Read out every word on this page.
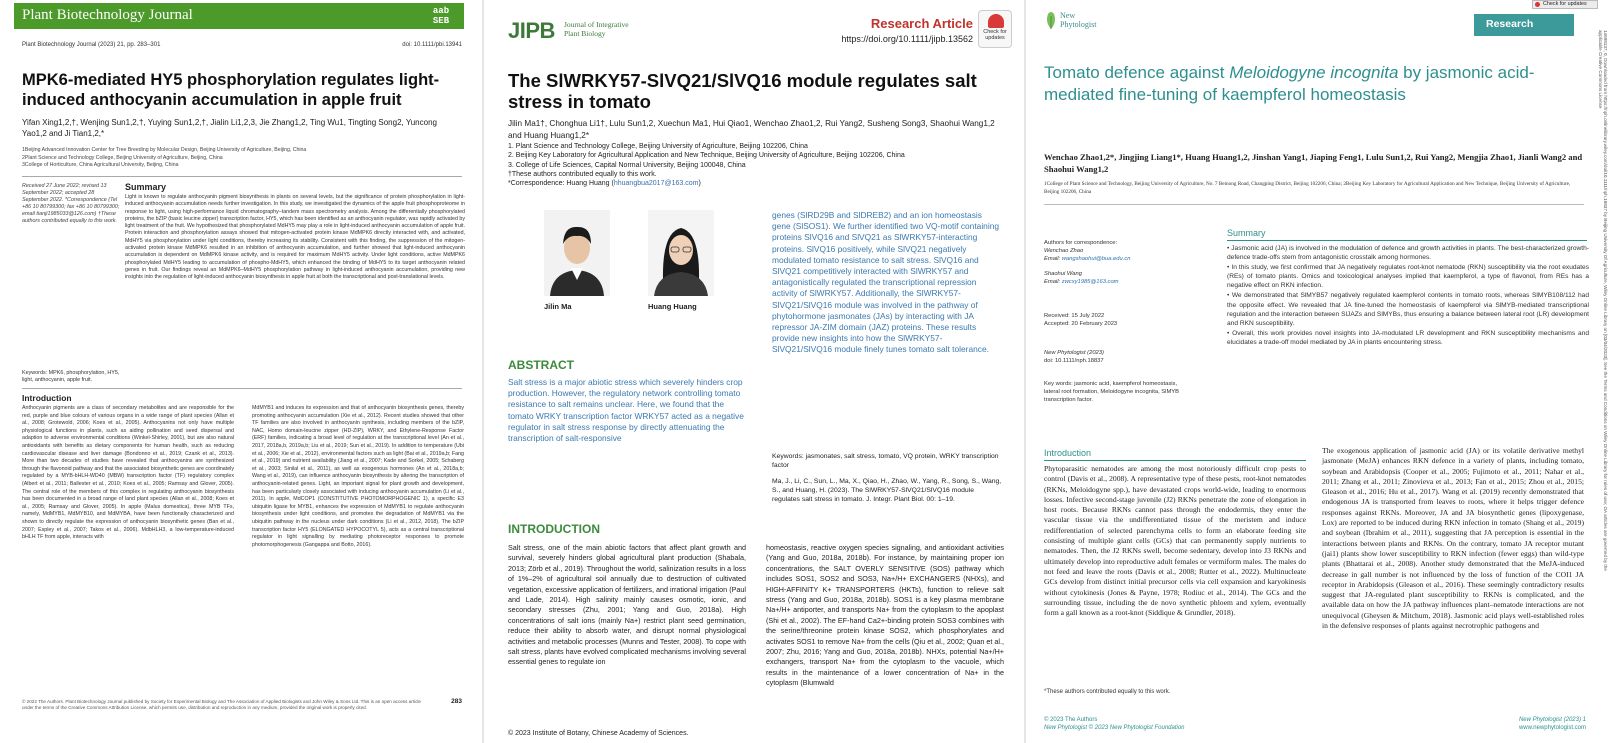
Plant Biotechnology Journal	aab
SEB
Plant Biotechnology Journal (2023) 21, pp. 283–301	doi: 10.1111/pbi.13941
MPK6-mediated HY5 phosphorylation regulates light-induced anthocyanin accumulation in apple fruit
Yifan Xing1,2,†, Wenjing Sun1,2,†, Yuying Sun1,2,†, Jialin Li1,2,3, Jie Zhang1,2, Ting Wu1, Tingting Song2, Yuncong Yao1,2 and Ji Tian1,2,*
1Beijing Advanced Innovation Center for Tree Breeding by Molecular Design, Beijing University of Agriculture, Beijing, China
2Plant Science and Technology College, Beijing University of Agriculture, Beijing, China
3College of Horticulture, China Agricultural University, Beijing, China
Received 27 June 2022; revised 13 September 2022; accepted 28 September 2022. *Correspondence (Tel +86 10 80799300; fax +86 10 80799300; email tianji1985033@126.com) †These authors contributed equally to this work.
Keywords: MPK6, phosphorylation, HY5, light, anthocyanin, apple fruit.
Summary
Light is known to regulate anthocyanin pigment biosynthesis in plants on several levels, but the significance of protein phosphorylation in light-induced anthocyanin accumulation needs further investigation. In this study, we investigated the dynamics of the apple fruit phosphoproteome in response to light, using high-performance liquid chromatography–tandem mass spectrometry analysis. Among the differentially phosphorylated proteins, the bZIP (basic leucine zipper) transcription factor, HY5, which has been identified as an anthocyanin regulator, was rapidly activated by light treatment of the fruit. We hypothesized that phosphorylated MdHY5 may play a role in light-induced anthocyanin accumulation of apple fruit. Protein interaction and phosphorylation assays showed that mitogen-activated protein kinase MdMPK6 directly interacted with, and activated, MdHY5 via phosphorylation under light conditions, thereby increasing its stability. Consistent with this finding, the suppression of the mitogen-activated protein kinase MdMPK6 resulted in an inhibition of anthocyanin accumulation, and further showed that light-induced anthocyanin accumulation is dependent on MdMPK6 kinase activity, and is required for maximum MdHY5 activity. Under light conditions, active MdMPK6 phosphorylated MdHY5 leading to accumulation of phospho-MdHY5, which enhanced the binding of MdHY5 to its target anthocyanin related genes in fruit. Our findings reveal an MdMPK6–MdHY5 phosphorylation pathway in light-induced anthocyanin accumulation, providing new insights into the regulation of light-induced anthocyanin biosynthesis in apple fruit at both the transcriptional and post-translational levels.
Introduction
Anthocyanin pigments are a class of secondary metabolites and are responsible for the red, purple and blue colours of various organs in a wide range of plant species (Allan et al., 2008; Grotewold, 2006; Koes et al., 2005). Anthocyanins not only have multiple physiological functions in plants, such as aiding pollination and seed dispersal and adaption to adverse environmental conditions (Winkel-Shirley, 2001), but are also natural antioxidants with benefits as dietary components for human health, such as reducing cardiovascular disease and liver damage (Bondonno et al., 2019; Czank et al., 2013). More than two decades of studies have revealed that anthocyanins are synthesized through the flavonoid pathway and that the associated biosynthetic genes are coordinately regulated by a MYB-bHLH-WD40 (MBW) transcription factor (TF) regulatory complex (Albert et al., 2011; Ballester et al., 2010; Koes et al., 2005; Ramsay and Glover, 2005). The central role of the members of this complex in regulating anthocyanin biosynthesis has been documented in a broad range of land plant species (Allan et al., 2008; Koes et al., 2005; Ramsay and Glover, 2005). In apple (Malus domestica), three MYB TFs, namely, MdMYB1, MdMYB10, and MdMYBA, have been functionally characterized and shown to directly regulate the expression of anthocyanin biosynthetic genes (Ban et al., 2007; Espley et al., 2007; Takos et al., 2006). MdbHLH3, a low-temperature-induced bHLH TF from apple, interacts with
MdMYB1 and induces its expression and that of anthocyanin biosynthesis genes, thereby promoting anthocyanin accumulation (Xie et al., 2012). Recent studies showed that other TF families are also involved in anthocyanin synthesis, including members of the bZIP, NAC, Homo domain-leucine zipper (HD-ZIP), WRKY, and Ethylene-Response Factor (ERF) families, indicating a broad level of regulation at the transcriptional level (An et al., 2017, 2018a,b, 2019a,b; Liu et al., 2019; Sun et al., 2019). In addition to temperature (Ubi et al., 2006; Xie et al., 2012), environmental factors such as light (Bai et al., 2019a,b; Fang et al., 2019) and nutrient availability (Jiang et al., 2007; Kade and Sorkel, 2005; Schaberg et al., 2003; Sinilal et al., 2011), as well as exogenous hormones (An et al., 2018a,b; Wang et al., 2019), can influence anthocyanin biosynthesis by altering the transcription of anthocyanin-related genes. Light, an important signal for plant growth and development, has been particularly closely associated with inducing anthocyanin accumulation (Li et al., 2011). In apple, MdCOP1 (CONSTITUTIVE PHOTOMORPHOGENIC 1), a specific E3 ubiquitin ligase for MYB1, enhances the expression of MdMYB1 to regulate anthocyanin biosynthesis under light conditions, and promotes the degradation of MdMYB1 via the ubiquitin pathway in the nucleus under dark conditions (Li et al., 2012, 2018). The bZIP transcription factor HY5 (ELONGATED HYPOCOTYL 5), acts as a central transcriptional regulator in light signalling by mediating photoreceptor responses to promote photomorphogenesis (Gangappa and Botto, 2016).
© 2022 The Authors. Plant Biotechnology Journal published by Society for Experimental Biology and The Association of Applied Biologists and John Wiley & Sons Ltd. This is an open access article under the terms of the Creative Commons Attribution License, which permits use, distribution and reproduction in any medium, provided the original work is properly cited.
283
JIPB Journal of Integrative
Plant Biology
Research Article
https://doi.org/10.1111/jipb.13562
Check for updates
The SlWRKY57-SlVQ21/SlVQ16 module regulates salt stress in tomato
Jilin Ma1†, Chonghua Li1†, Lulu Sun1,2, Xuechun Ma1, Hui Qiao1, Wenchao Zhao1,2, Rui Yang2, Susheng Song3, Shaohui Wang1,2 and Huang Huang1,2*
1. Plant Science and Technology College, Beijing University of Agriculture, Beijing 102206, China
2. Beijing Key Laboratory for Agricultural Application and New Technique, Beijing University of Agriculture, Beijing 102206, China
3. College of Life Sciences, Capital Normal University, Beijing 100048, China
†These authors contributed equally to this work.
*Correspondence: Huang Huang (hhuangbua2017@163.com)
Jilin Ma	Huang Huang
ABSTRACT
Salt stress is a major abiotic stress which severely hinders crop production. However, the regulatory network controlling tomato resistance to salt remains unclear. Here, we found that the tomato WRKY transcription factor WRKY57 acted as a negative regulator in salt stress response by directly attenuating the transcription of salt-responsive
genes (SlRD29B and SlDREB2) and an ion homeostasis gene (SlSOS1). We further identified two VQ-motif containing proteins SlVQ16 and SlVQ21 as SlWRKY57-interacting proteins. SlVQ16 positively, while SlVQ21 negatively modulated tomato resistance to salt stress. SlVQ16 and SlVQ21 competitively interacted with SlWRKY57 and antagonistically regulated the transcriptional repression activity of SlWRKY57. Additionally, the SlWRKY57-SlVQ21/SlVQ16 module was involved in the pathway of phytohormone jasmonates (JAs) by interacting with JA repressor JA-ZIM domain (JAZ) proteins. These results provide new insights into how the SlWRKY57-SlVQ21/SlVQ16 module finely tunes tomato salt tolerance.
Keywords: jasmonates, salt stress, tomato, VQ protein, WRKY transcription factor
Ma, J., Li, C., Sun, L., Ma, X., Qiao, H., Zhao, W., Yang, R., Song, S., Wang, S., and Huang, H. (2023). The SlWRKY57-SlVQ21/SlVQ16 module regulates salt stress in tomato. J. Integr. Plant Biol. 00: 1–19.
INTRODUCTION
Salt stress, one of the main abiotic factors that affect plant growth and survival, severely hinders global agricultural plant production (Shabala, 2013; Zörb et al., 2019). Throughout the world, salinization results in a loss of 1%–2% of agricultural soil annually due to destruction of cultivated vegetation, excessive application of fertilizers, and irrational irrigation (Paul and Lade, 2014). High salinity mainly causes osmotic, ionic, and secondary stresses (Zhu, 2001; Yang and Guo, 2018a). High concentrations of salt ions (mainly Na+) restrict plant seed germination, reduce their ability to absorb water, and disrupt normal physiological activities and metabolic processes (Munns and Tester, 2008). To cope with salt stress, plants have evolved complicated mechanisms involving several essential genes to regulate ion
homeostasis, reactive oxygen species signaling, and antioxidant activities (Yang and Guo, 2018a, 2018b). For instance, by maintaining proper ion concentrations, the SALT OVERLY SENSITIVE (SOS) pathway which includes SOS1, SOS2 and SOS3, Na+/H+ EXCHANGERS (NHXs), and HIGH-AFFINITY K+ TRANSPORTERS (HKTs), function to relieve salt stress (Yang and Guo, 2018a, 2018b). SOS1 is a key plasma membrane Na+/H+ antiporter, and transports Na+ from the cytoplasm to the apoplast (Shi et al., 2002). The EF-hand Ca2+-binding protein SOS3 combines with the serine/threonine protein kinase SOS2, which phosphorylates and activates SOS1 to remove Na+ from the cells (Qiu et al., 2002; Quan et al., 2007; Zhu, 2016; Yang and Guo, 2018a, 2018b). NHXs, potential Na+/H+ exchangers, transport Na+ from the cytoplasm to the vacuole, which results in the maintenance of a lower concentration of Na+ in the cytoplasm (Blumwald
© 2023 Institute of Botany, Chinese Academy of Sciences.
New
Phytologist	Research
Check for updates
14698137, 0, Downloaded from https://nph.onlinelibrary.wiley.com/doi/10.1111/nph.18837 by Beijing University Of Agriculture, Wiley Online Library on [03/04/2023]. See the Terms and Conditions on Wiley Online Library for rules of use; OA articles are governed by the applicable Creative Commons License
Tomato defence against Meloidogyne incognita by jasmonic acid-mediated fine-tuning of kaempferol homeostasis
Wenchao Zhao1,2*, Jingjing Liang1*, Huang Huang1,2, Jinshan Yang1, Jiaping Feng1, Lulu Sun1,2, Rui Yang2, Mengjia Zhao1, Jianli Wang2 and Shaohui Wang1,2
1College of Plant Science and Technology, Beijing University of Agriculture, No. 7 Beinong Road, Changping District, Beijing 102206, China; 2Beijing Key Laboratory for Agricultural Application and New Technique, Beijing University of Agriculture, Beijing 102206, China
Authors for correspondence:
Wenchao Zhao
Email: wangshaohui@bua.edu.cn
Shaohui Wang
Email: zwcxy1985@163.com
Received: 15 July 2022
Accepted: 20 February 2023
New Phytologist (2023)
doi: 10.1111/nph.18837
Key words: jasmonic acid, kaempferol homeostasis, lateral root formation, Meloidogyne incognita, SlMYB transcription factor.
Summary

• Jasmonic acid (JA) is involved in the modulation of defence and growth activities in plants. The best-characterized growth-defence trade-offs stem from antagonistic crosstalk among hormones.

• In this study, we first confirmed that JA negatively regulates root-knot nematode (RKN) susceptibility via the root exudates (REs) of tomato plants. Omics and toxicological analyses implied that kaempferol, a type of flavonol, from REs has a negative effect on RKN infection.

• We demonstrated that SlMYB57 negatively regulated kaempferol contents in tomato roots, whereas SlMYB108/112 had the opposite effect. We revealed that JA fine-tuned the homeostasis of kaempferol via SlMYB-mediated transcriptional regulation and the interaction between SlJAZs and SlMYBs, thus ensuring a balance between lateral root (LR) development and RKN susceptibility.

• Overall, this work provides novel insights into JA-modulated LR development and RKN susceptibility mechanisms and elucidates a trade-off model mediated by JA in plants encountering stress.

Introduction
Phytoparasitic nematodes are among the most notoriously difficult crop pests to control (Davis et al., 2008). A representative type of these pests, root-knot nematodes (RKNs, Meloidogyne spp.), have devastated crops world-wide, leading to enormous losses. Infective second-stage juvenile (J2) RKNs penetrate the zone of elongation in host roots. Because RKNs cannot pass through the endodermis, they enter the vascular tissue via the undifferentiated tissue of the meristem and induce redifferentiation of selected parenchyma cells to form an elaborate feeding site consisting of multiple giant cells (GCs) that can permanently supply nutrients to nematodes. Then, the J2 RKNs swell, become sedentary, develop into J3 RKNs and ultimately develop into reproductive adult females or vermiform males. The males do not feed and leave the roots (Davis et al., 2008; Rutter et al., 2022). Multinucleate GCs develop from distinct initial precursor cells via cell expansion and karyokinesis without cytokinesis (Jones & Payne, 1978; Rodiuc et al., 2014). The GCs and the surrounding tissue, including the de novo synthetic phloem and xylem, eventually form a gall known as a root-knot (Siddique & Grundler, 2018).
The exogenous application of jasmonic acid (JA) or its volatile derivative methyl jasmonate (MeJA) enhances RKN defence in a variety of plants, including tomato, soybean and Arabidopsis (Cooper et al., 2005; Fujimoto et al., 2011; Nahar et al., 2011; Zhang et al., 2011; Zinovieva et al., 2013; Fan et al., 2015; Zhou et al., 2015; Gleason et al., 2016; Hu et al., 2017). Wang et al. (2019) recently demonstrated that endogenous JA is transported from leaves to roots, where it helps trigger defence responses against RKNs. Moreover, JA and JA biosynthetic genes (lipoxygenase, Lox) are reported to be induced during RKN infection in tomato (Shang et al., 2019) and soybean (Ibrahim et al., 2011), suggesting that JA perception is essential in the interactions between plants and RKNs. On the contrary, tomato JA receptor mutant (jai1) plants show lower susceptibility to RKN infection (fewer eggs) than wild-type plants (Bhattarai et al., 2008). Another study demonstrated that the MeJA-induced decrease in gall number is not influenced by the loss of function of the COI1 JA receptor in Arabidopsis (Gleason et al., 2016). These seemingly contradictory results suggest that JA-regulated plant susceptibility to RKNs is complicated, and the available data on how the JA pathway influences plant–nematode interactions are not unequivocal (Gheysen & Mitchum, 2018). Jasmonic acid plays well-established roles in the defensive responses of plants against necrotrophic pathogens and
*These authors contributed equally to this work.
© 2023 The Authors
New Phytologist © 2023 New Phytologist Foundation
New Phytologist (2023) 1
www.newphytologist.com
